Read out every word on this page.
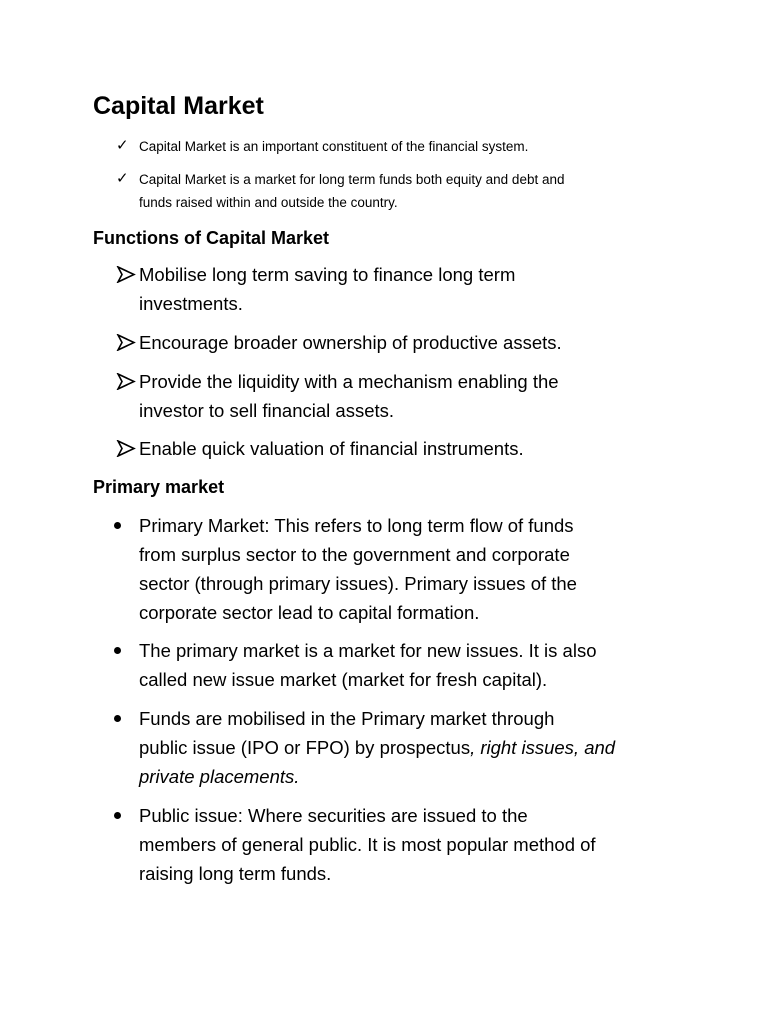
Capital Market
✓ Capital Market is an important constituent of the financial system.
✓ Capital Market is a market for long term funds both equity and debt and
funds raised within and outside the country.
Functions of Capital Market
Mobilise long term saving to finance long term
investments.
Encourage broader ownership of productive assets.
Provide the liquidity with a mechanism enabling the
investor to sell financial assets.
Enable quick valuation of financial instruments.
Primary market
Primary Market: This refers to long term flow of funds
from surplus sector to the government and corporate
sector (through primary issues). Primary issues of the
corporate sector lead to capital formation.
The primary market is a market for new issues. It is also
called new issue market (market for fresh capital).
Funds are mobilised in the Primary market through
public issue (IPO or FPO) by prospectus, right issues, and
private placements.
Public issue: Where securities are issued to the
members of general public. It is most popular method of
raising long term funds.
